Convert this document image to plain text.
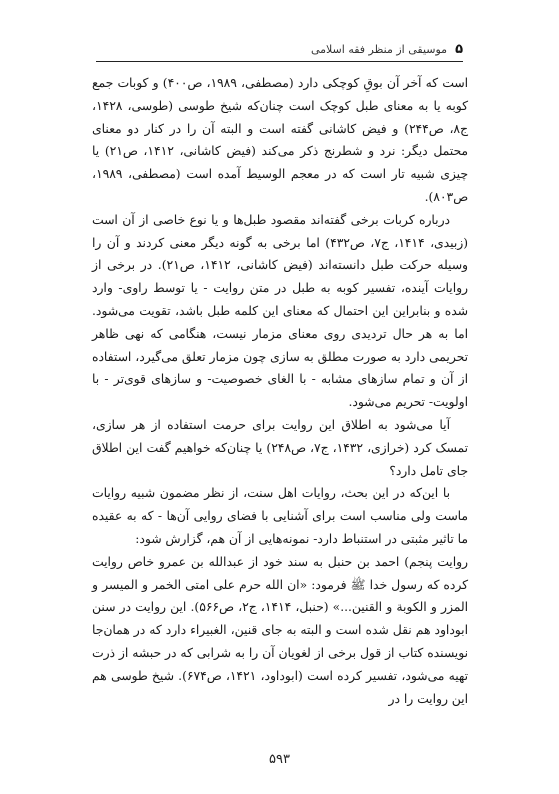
۵
موسیقی از منظر فقه اسلامی

است که آخر آن بوقِ کوچکی دارد (مصطفی، ۱۹۸۹، ص۴۰۰) و کوبات جمع کوبه یا به معنای طبل کوچک است چنان‌که شیخ طوسی (طوسی، ۱۴۲۸، ج۸، ص۲۴۴) و فیض کاشانی گفته است و البته آن را در کنار دو معنای محتمل دیگر: نرد و شطرنج ذکر می‌کند (فیض کاشانی، ۱۴۱۲، ص۲۱) یا چیزی شبیه تار است که در معجم الوسیط آمده است (مصطفی، ۱۹۸۹، ص۸۰۳).

درباره کربات برخی گفته‌اند مقصود طبل‌ها و یا نوع خاصی از آن است (زبیدی، ۱۴۱۴، ج۷، ص۴۳۲) اما برخی به گونه دیگر معنی کردند و آن را وسیله حرکت طبل دانسته‌اند (فیض کاشانی، ۱۴۱۲، ص۲۱). در برخی از روایات آینده، تفسیر کوبه به طبل در متن روایت - یا توسط راوی- وارد شده و بنابراین این احتمال که معنای این کلمه طبل باشد، تقویت می‌شود. اما به هر حال تردیدی روی معنای مزمار نیست، هنگامی که نهی ظاهر تحریمی دارد به صورت مطلق به سازی چون مزمار تعلق می‌گیرد، استفاده از آن و تمام سازهای مشابه - با الغای خصوصیت- و سازهای قوی‌تر - با اولویت- تحریم می‌شود.

آیا می‌شود به اطلاق این روایت برای حرمت استفاده از هر سازی، تمسک کرد (خرازی، ۱۴۳۲، ج۷، ص۲۴۸) یا چنان‌که خواهیم گفت این اطلاق جای تامل دارد؟

با این‌که در این بحث، روایات اهل سنت، از نظر مضمون شبیه روایات ماست ولی مناسب است برای آشنایی با فضای روایی آن‌ها - که به عقیده ما تاثیر مثبتی در استنباط دارد- نمونه‌هایی از آن هم، گزارش شود:

روایت پنجم) احمد بن حنبل به سند خود از عبدالله بن عمرو خاص روایت کرده که رسول خدا ﷺ فرمود: «ان الله حرم علی امتی الخمر و المیسر و المزر و الکوبة و القنین...» (حنبل، ۱۴۱۴، ج۲، ص۵۶۶). این روایت در سنن ابوداود هم نقل شده است و البته به جای قنین، الغبیراء دارد که در همان‌جا نویسنده کتاب از قول برخی از لغویان آن را به شرابی که در حبشه از ذرت تهیه می‌شود، تفسیر کرده است (ابوداود، ۱۴۲۱، ص۶۷۴). شیخ طوسی هم این روایت را در

۵۹۳
